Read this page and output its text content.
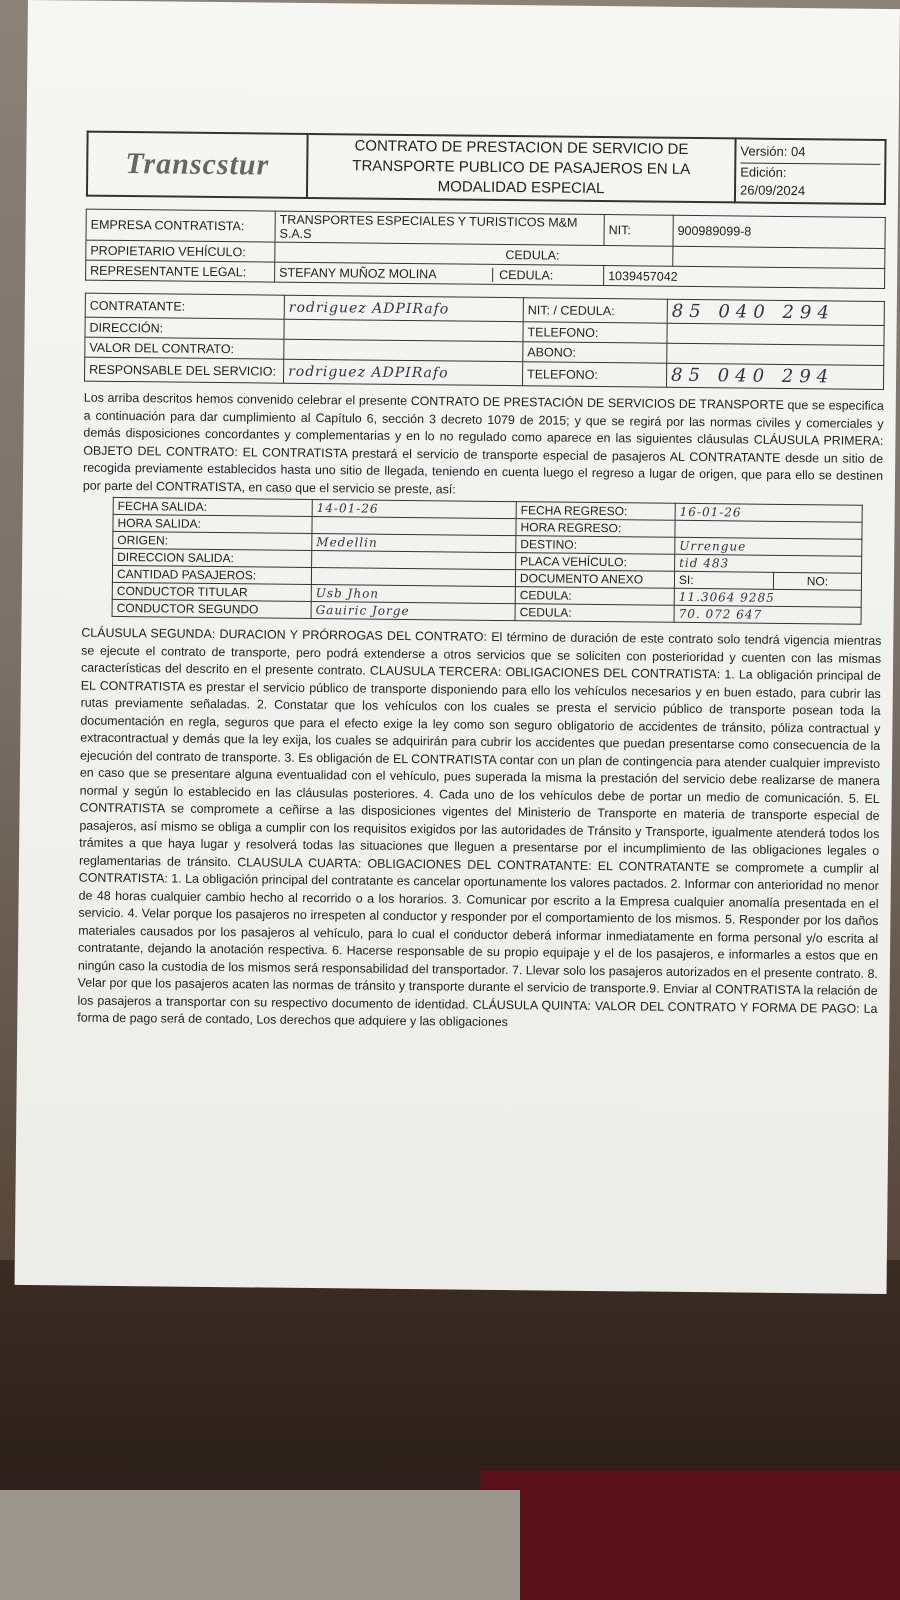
Transcstur	CONTRATO DE PRESTACION DE SERVICIO DE
TRANSPORTE PUBLICO DE PASAJEROS EN LA
MODALIDAD ESPECIAL

Versión: 04
Edición:
26/09/2024
EMPRESA CONTRATISTA:	TRANSPORTES ESPECIALES Y TURISTICOS M&M S.A.S	NIT:	900989099-8
PROPIETARIO VEHÍCULO:	CEDULA:		
REPRESENTANTE LEGAL:	STEFANY MUÑOZ MOLINA CEDULA:	1039457042	
CONTRATANTE:	rodriguez ADPIRafo	NIT: / CEDULA:	85 040 294
DIRECCIÓN:		TELEFONO:	
VALOR DEL CONTRATO:		ABONO:	
RESPONSABLE DEL SERVICIO:	rodriguez ADPIRafo	TELEFONO:	85 040 294

Los arriba descritos hemos convenido celebrar el presente CONTRATO DE PRESTACIÓN DE SERVICIOS DE TRANSPORTE que se especifica a continuación para dar cumplimiento al Capítulo 6, sección 3 decreto 1079 de 2015; y que se regirá por las normas civiles y comerciales y demás disposiciones concordantes y complementarias y en lo no regulado como aparece en las siguientes cláusulas CLÁUSULA PRIMERA: OBJETO DEL CONTRATO: EL CONTRATISTA prestará el servicio de transporte especial de pasajeros AL CONTRATANTE desde un sitio de recogida previamente establecidos hasta uno sitio de llegada, teniendo en cuenta luego el regreso a lugar de origen, que para ello se destinen por parte del CONTRATISTA, en caso que el servicio se preste, así:

FECHA SALIDA:	14-01-26	FECHA REGRESO:	16-01-26	
HORA SALIDA:		HORA REGRESO:		
ORIGEN:	Medellin	DESTINO:	Urrengue	
DIRECCION SALIDA:		PLACA VEHÍCULO:	tid 483	
CANTIDAD PASAJEROS:		DOCUMENTO ANEXO	SI:	NO:
CONDUCTOR TITULAR	Usb Jhon	CEDULA:	11.3064 9285	
CONDUCTOR SEGUNDO	Gauiric Jorge	CEDULA:	70. 072 647	

CLÁUSULA SEGUNDA: DURACION Y PRÓRROGAS DEL CONTRATO: El término de duración de este contrato solo tendrá vigencia mientras se ejecute el contrato de transporte, pero podrá extenderse a otros servicios que se soliciten con posterioridad y cuenten con las mismas características del descrito en el presente contrato. CLAUSULA TERCERA: OBLIGACIONES DEL CONTRATISTA: 1. La obligación principal de EL CONTRATISTA es prestar el servicio público de transporte disponiendo para ello los vehículos necesarios y en buen estado, para cubrir las rutas previamente señaladas. 2. Constatar que los vehículos con los cuales se presta el servicio público de transporte posean toda la documentación en regla, seguros que para el efecto exige la ley como son seguro obligatorio de accidentes de tránsito, póliza contractual y extracontractual y demás que la ley exija, los cuales se adquirirán para cubrir los accidentes que puedan presentarse como consecuencia de la ejecución del contrato de transporte. 3. Es obligación de EL CONTRATISTA contar con un plan de contingencia para atender cualquier imprevisto en caso que se presentare alguna eventualidad con el vehículo, pues superada la misma la prestación del servicio debe realizarse de manera normal y según lo establecido en las cláusulas posteriores. 4. Cada uno de los vehículos debe de portar un medio de comunicación. 5. EL CONTRATISTA se compromete a ceñirse a las disposiciones vigentes del Ministerio de Transporte en materia de transporte especial de pasajeros, así mismo se obliga a cumplir con los requisitos exigidos por las autoridades de Tránsito y Transporte, igualmente atenderá todos los trámites a que haya lugar y resolverá todas las situaciones que lleguen a presentarse por el incumplimiento de las obligaciones legales o reglamentarias de tránsito. CLAUSULA CUARTA: OBLIGACIONES DEL CONTRATANTE: EL CONTRATANTE se compromete a cumplir al CONTRATISTA: 1. La obligación principal del contratante es cancelar oportunamente los valores pactados. 2. Informar con anterioridad no menor de 48 horas cualquier cambio hecho al recorrido o a los horarios. 3. Comunicar por escrito a la Empresa cualquier anomalía presentada en el servicio. 4. Velar porque los pasajeros no irrespeten al conductor y responder por el comportamiento de los mismos. 5. Responder por los daños materiales causados por los pasajeros al vehículo, para lo cual el conductor deberá informar inmediatamente en forma personal y/o escrita al contratante, dejando la anotación respectiva. 6. Hacerse responsable de su propio equipaje y el de los pasajeros, e informarles a estos que en ningún caso la custodia de los mismos será responsabilidad del transportador. 7. Llevar solo los pasajeros autorizados en el presente contrato. 8. Velar por que los pasajeros acaten las normas de tránsito y transporte durante el servicio de transporte.9. Enviar al CONTRATISTA la relación de los pasajeros a transportar con su respectivo documento de identidad. CLÁUSULA QUINTA: VALOR DEL CONTRATO Y FORMA DE PAGO: La forma de pago será de contado, Los derechos que adquiere y las obligaciones
